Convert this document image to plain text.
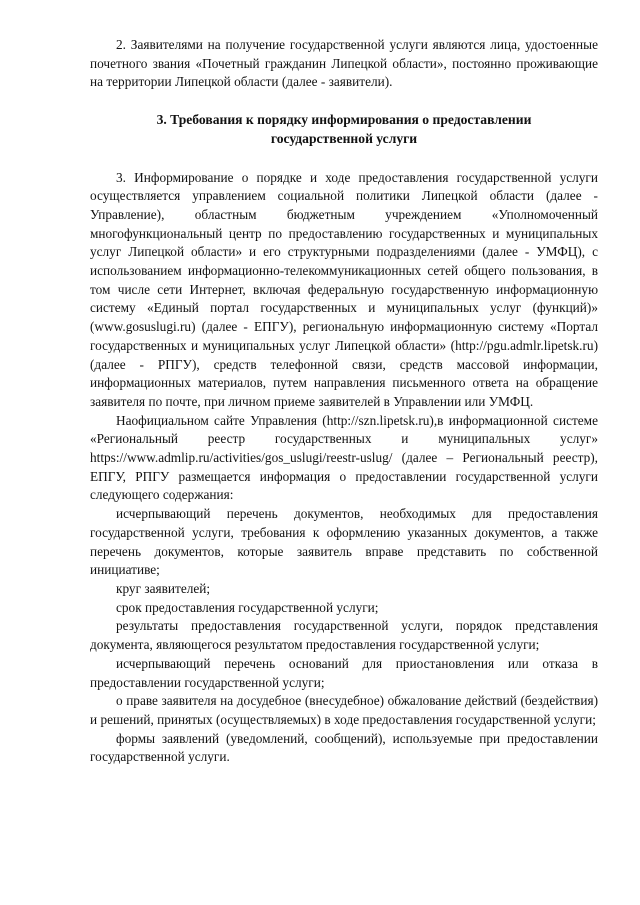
2. Заявителями на получение государственной услуги являются лица, удостоенные почетного звания «Почетный гражданин Липецкой области», постоянно проживающие на территории Липецкой области (далее - заявители).

3. Требования к порядку информирования о предоставлении

государственной услуги

3. Информирование о порядке и ходе предоставления государственной услуги осуществляется управлением социальной политики Липецкой области (далее - Управление), областным бюджетным учреждением «Уполномоченный многофункциональный центр по предоставлению государственных и муниципальных услуг Липецкой области» и его структурными подразделениями (далее - УМФЦ), с использованием информационно-телекоммуникационных сетей общего пользования, в том числе сети Интернет, включая федеральную государственную информационную систему «Единый портал государственных и муниципальных услуг (функций)» (www.gosuslugi.ru) (далее - ЕПГУ), региональную информационную систему «Портал государственных и муниципальных услуг Липецкой области» (http://pgu.admlr.lipetsk.ru) (далее - РПГУ), средств телефонной связи, средств массовой информации, информационных материалов, путем направления письменного ответа на обращение заявителя по почте, при личном приеме заявителей в Управлении или УМФЦ.

Наофициальном сайте Управления (http://szn.lipetsk.ru),в информационной системе «Региональный реестр государственных и муниципальных услуг» https://www.admlip.ru/activities/gos_uslugi/reestr-uslug/ (далее – Региональный реестр), ЕПГУ, РПГУ размещается информация о предоставлении государственной услуги следующего содержания:

исчерпывающий перечень документов, необходимых для предоставления государственной услуги, требования к оформлению указанных документов, а также перечень документов, которые заявитель вправе представить по собственной инициативе;

круг заявителей;

срок предоставления государственной услуги;

результаты предоставления государственной услуги, порядок представления документа, являющегося результатом предоставления государственной услуги;

исчерпывающий перечень оснований для приостановления или отказа в предоставлении государственной услуги;

о праве заявителя на досудебное (внесудебное) обжалование действий (бездействия) и решений, принятых (осуществляемых) в ходе предоставления государственной услуги;

формы заявлений (уведомлений, сообщений), используемые при предоставлении государственной услуги.
